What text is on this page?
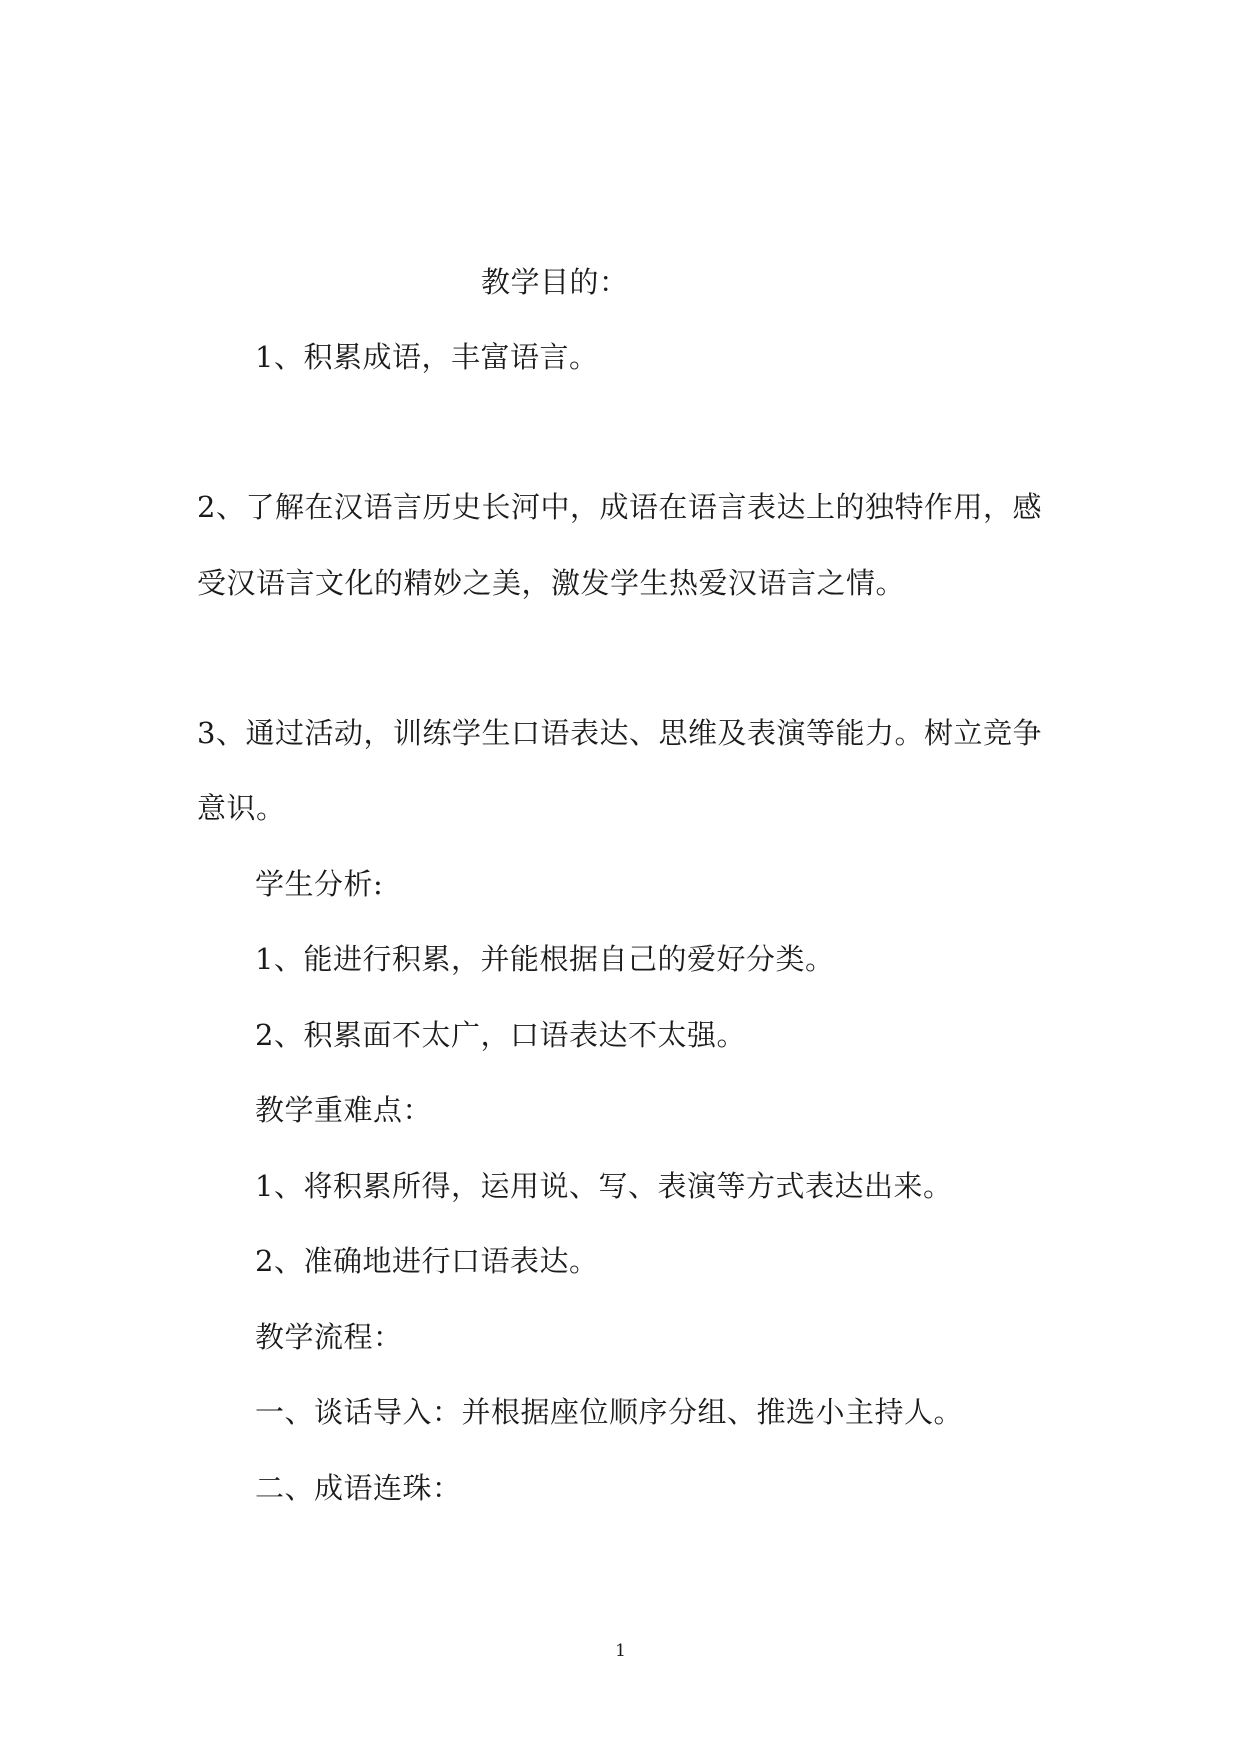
教学目的：
1、积累成语，丰富语言。
2、了解在汉语言历史长河中，成语在语言表达上的独特作用，感
受汉语言文化的精妙之美，激发学生热爱汉语言之情。
3、通过活动，训练学生口语表达、思维及表演等能力。树立竞争
意识。
学生分析:
1、能进行积累，并能根据自己的爱好分类。
2、积累面不太广，口语表达不太强。
教学重难点：
1、将积累所得，运用说、写、表演等方式表达出来。
2、准确地进行口语表达。
教学流程：
一、谈话导入：并根据座位顺序分组、推选小主持人。
二、成语连珠：
1
